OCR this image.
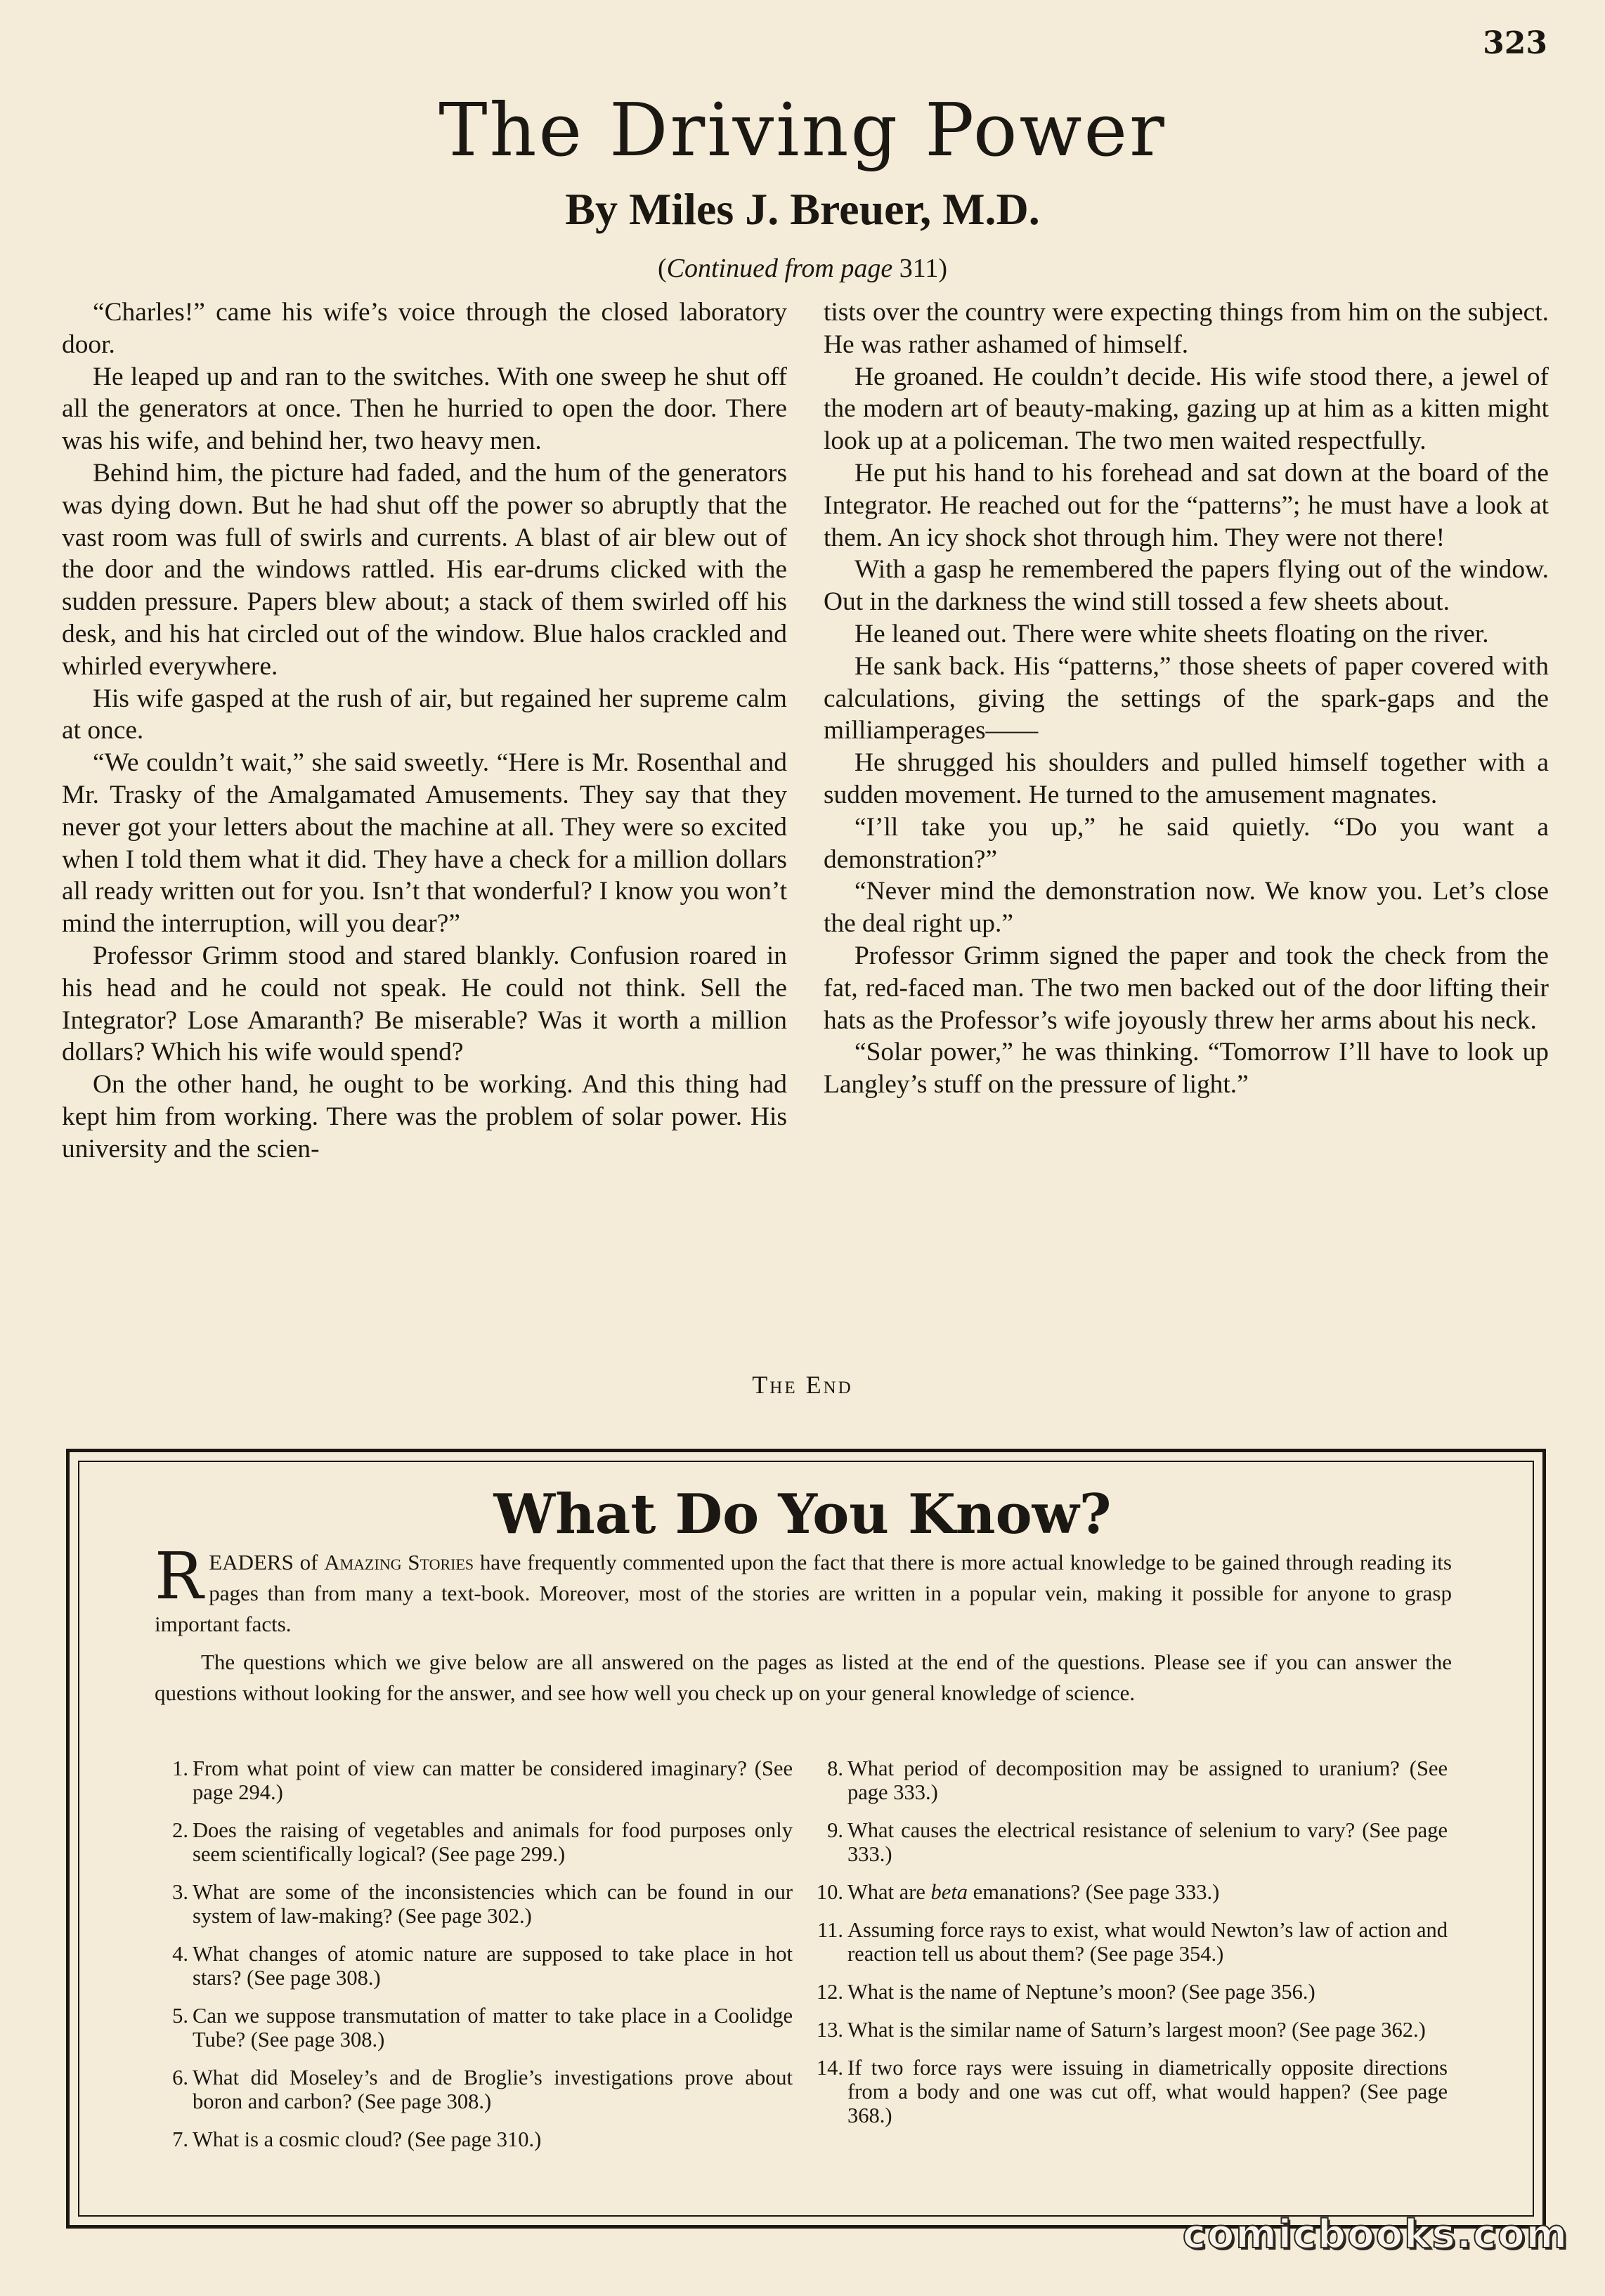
323
The Driving Power
By Miles J. Breuer, M.D.
(Continued from page 311)

“Charles!” came his wife’s voice through the closed laboratory door.

He leaped up and ran to the switches. With one sweep he shut off all the generators at once. Then he hurried to open the door. There was his wife, and behind her, two heavy men.

Behind him, the picture had faded, and the hum of the generators was dying down. But he had shut off the power so abruptly that the vast room was full of swirls and currents. A blast of air blew out of the door and the windows rattled. His ear-drums clicked with the sudden pressure. Papers blew about; a stack of them swirled off his desk, and his hat circled out of the window. Blue halos crackled and whirled everywhere.

His wife gasped at the rush of air, but regained her supreme calm at once.

“We couldn’t wait,” she said sweetly. “Here is Mr. Rosenthal and Mr. Trasky of the Amalgamated Amusements. They say that they never got your letters about the machine at all. They were so excited when I told them what it did. They have a check for a million dollars all ready written out for you. Isn’t that wonderful? I know you won’t mind the interruption, will you dear?”

Professor Grimm stood and stared blankly. Confusion roared in his head and he could not speak. He could not think. Sell the Integrator? Lose Amaranth? Be miserable? Was it worth a million dollars? Which his wife would spend?

On the other hand, he ought to be working. And this thing had kept him from working. There was the problem of solar power. His university and the scien-

tists over the country were expecting things from him on the subject. He was rather ashamed of himself.

He groaned. He couldn’t decide. His wife stood there, a jewel of the modern art of beauty-making, gazing up at him as a kitten might look up at a policeman. The two men waited respectfully.

He put his hand to his forehead and sat down at the board of the Integrator. He reached out for the “patterns”; he must have a look at them. An icy shock shot through him. They were not there!

With a gasp he remembered the papers flying out of the window. Out in the darkness the wind still tossed a few sheets about.

He leaned out. There were white sheets floating on the river.

He sank back. His “patterns,” those sheets of paper covered with calculations, giving the settings of the spark-gaps and the milliamperages——

He shrugged his shoulders and pulled himself together with a sudden movement. He turned to the amusement magnates.

“I’ll take you up,” he said quietly. “Do you want a demonstration?”

“Never mind the demonstration now. We know you. Let’s close the deal right up.”

Professor Grimm signed the paper and took the check from the fat, red-faced man. The two men backed out of the door lifting their hats as the Professor’s wife joyously threw her arms about his neck.

“Solar power,” he was thinking. “Tomorrow I’ll have to look up Langley’s stuff on the pressure of light.”

The End
What Do You Know?

READERS of Amazing Stories have frequently commented upon the fact that there is more actual knowledge to be gained through reading its pages than from many a text-book. Moreover, most of the stories are written in a popular vein, making it possible for anyone to grasp important facts.

The questions which we give below are all answered on the pages as listed at the end of the questions. Please see if you can answer the questions without looking for the answer, and see how well you check up on your general knowledge of science.

1 . From what point of view can matter be considered imaginary? (See page 294.)
2 . Does the raising of vegetables and animals for food purposes only seem scientifically logical? (See page 299.)
3 . What are some of the inconsistencies which can be found in our system of law-making? (See page 302.)
4 . What changes of atomic nature are supposed to take place in hot stars? (See page 308.)
5 . Can we suppose transmutation of matter to take place in a Coolidge Tube? (See page 308.)
6 . What did Moseley’s and de Broglie’s investigations prove about boron and carbon? (See page 308.)
7 . What is a cosmic cloud? (See page 310.)
8 . What period of decomposition may be assigned to uranium? (See page 333.)
9 . What causes the electrical resistance of selenium to vary? (See page 333.)
10 . What are beta emanations? (See page 333.)
11 . Assuming force rays to exist, what would Newton’s law of action and reaction tell us about them? (See page 354.)
12 . What is the name of Neptune’s moon? (See page 356.)
13 . What is the similar name of Saturn’s largest moon? (See page 362.)
14 . If two force rays were issuing in diametrically opposite directions from a body and one was cut off, what would happen? (See page 368.)
comicbooks.com
